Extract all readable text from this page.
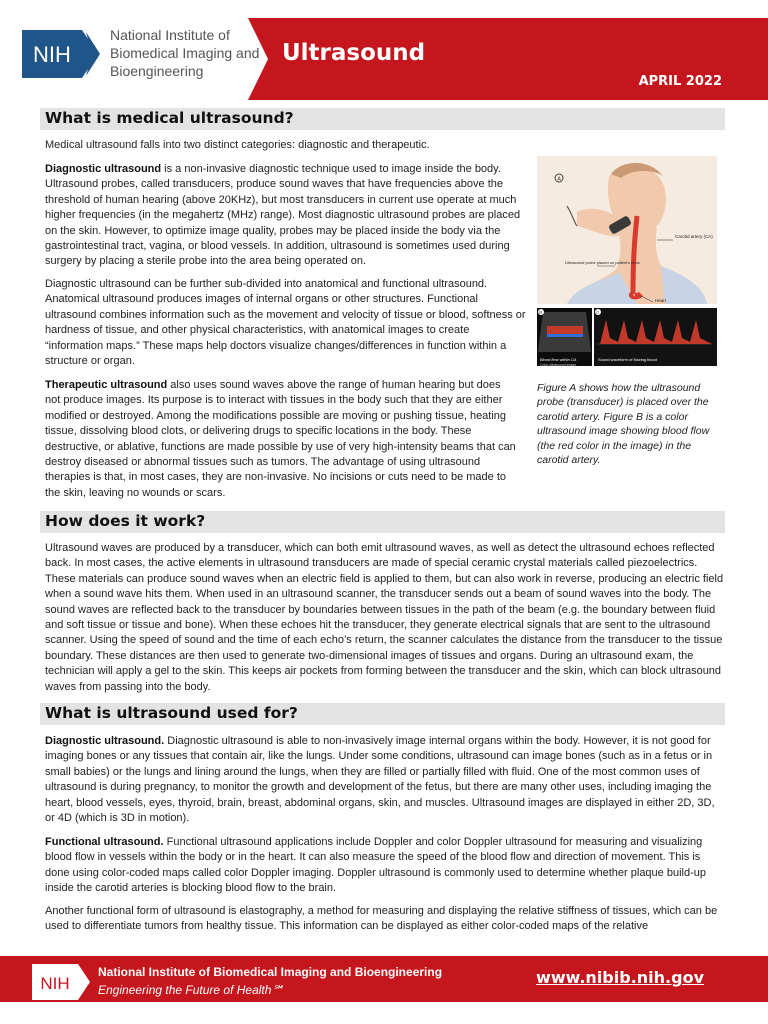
NIH
National Institute of Biomedical Imaging and Bioengineering
Ultrasound
APRIL 2022
What is medical ultrasound?

Medical ultrasound falls into two distinct categories: diagnostic and therapeutic.

Diagnostic ultrasound is a non-invasive diagnostic technique used to image inside the body. Ultrasound probes, called transducers, produce sound waves that have frequencies above the threshold of human hearing (above 20KHz), but most transducers in current use operate at much higher frequencies (in the megahertz (MHz) range). Most diagnostic ultrasound probes are placed on the skin. However, to optimize image quality, probes may be placed inside the body via the gastrointestinal tract, vagina, or blood vessels. In addition, ultrasound is sometimes used during surgery by placing a sterile probe into the area being operated on.

Diagnostic ultrasound can be further sub-divided into anatomical and functional ultrasound. Anatomical ultrasound produces images of internal organs or other structures. Functional ultrasound combines information such as the movement and velocity of tissue or blood, softness or hardness of tissue, and other physical characteristics, with anatomical images to create “information maps.” These maps help doctors visualize changes/differences in function within a structure or organ.

Therapeutic ultrasound also uses sound waves above the range of human hearing but does not produce images. Its purpose is to interact with tissues in the body such that they are either modified or destroyed. Among the modifications possible are moving or pushing tissue, heating tissue, dissolving blood clots, or delivering drugs to specific locations in the body. These destructive, or ablative, functions are made possible by use of very high-intensity beams that can destroy diseased or abnormal tissues such as tumors. The advantage of using ultrasound therapies is that, in most cases, they are non-invasive. No incisions or cuts need to be made to the skin, leaving no wounds or scars.

A
Carotid artery (CA)
Ultrasound probe placed on patient's neck
Heart
Blood flow within CA
Color ultrasound image
B	C
Sound waveform of flowing blood

Figure A shows how the ultrasound probe (transducer) is placed over the carotid artery. Figure B is a color ultrasound image showing blood flow (the red color in the image) in the carotid artery.

How does it work?

Ultrasound waves are produced by a transducer, which can both emit ultrasound waves, as well as detect the ultrasound echoes reflected back. In most cases, the active elements in ultrasound transducers are made of special ceramic crystal materials called piezoelectrics. These materials can produce sound waves when an electric field is applied to them, but can also work in reverse, producing an electric field when a sound wave hits them. When used in an ultrasound scanner, the transducer sends out a beam of sound waves into the body. The sound waves are reflected back to the transducer by boundaries between tissues in the path of the beam (e.g. the boundary between fluid and soft tissue or tissue and bone). When these echoes hit the transducer, they generate electrical signals that are sent to the ultrasound scanner. Using the speed of sound and the time of each echo’s return, the scanner calculates the distance from the transducer to the tissue boundary. These distances are then used to generate two-dimensional images of tissues and organs. During an ultrasound exam, the technician will apply a gel to the skin. This keeps air pockets from forming between the transducer and the skin, which can block ultrasound waves from passing into the body.

What is ultrasound used for?

Diagnostic ultrasound. Diagnostic ultrasound is able to non-invasively image internal organs within the body. However, it is not good for imaging bones or any tissues that contain air, like the lungs. Under some conditions, ultrasound can image bones (such as in a fetus or in small babies) or the lungs and lining around the lungs, when they are filled or partially filled with fluid. One of the most common uses of ultrasound is during pregnancy, to monitor the growth and development of the fetus, but there are many other uses, including imaging the heart, blood vessels, eyes, thyroid, brain, breast, abdominal organs, skin, and muscles. Ultrasound images are displayed in either 2D, 3D, or 4D (which is 3D in motion).

Functional ultrasound. Functional ultrasound applications include Doppler and color Doppler ultrasound for measuring and visualizing blood flow in vessels within the body or in the heart. It can also measure the speed of the blood flow and direction of movement. This is done using color-coded maps called color Doppler imaging. Doppler ultrasound is commonly used to determine whether plaque build-up inside the carotid arteries is blocking blood flow to the brain.

Another functional form of ultrasound is elastography, a method for measuring and displaying the relative stiffness of tissues, which can be used to differentiate tumors from healthy tissue. This information can be displayed as either color-coded maps of the relative

NIH
National Institute of Biomedical Imaging and Bioengineering
Engineering the Future of Health℠
www.nibib.nih.gov
